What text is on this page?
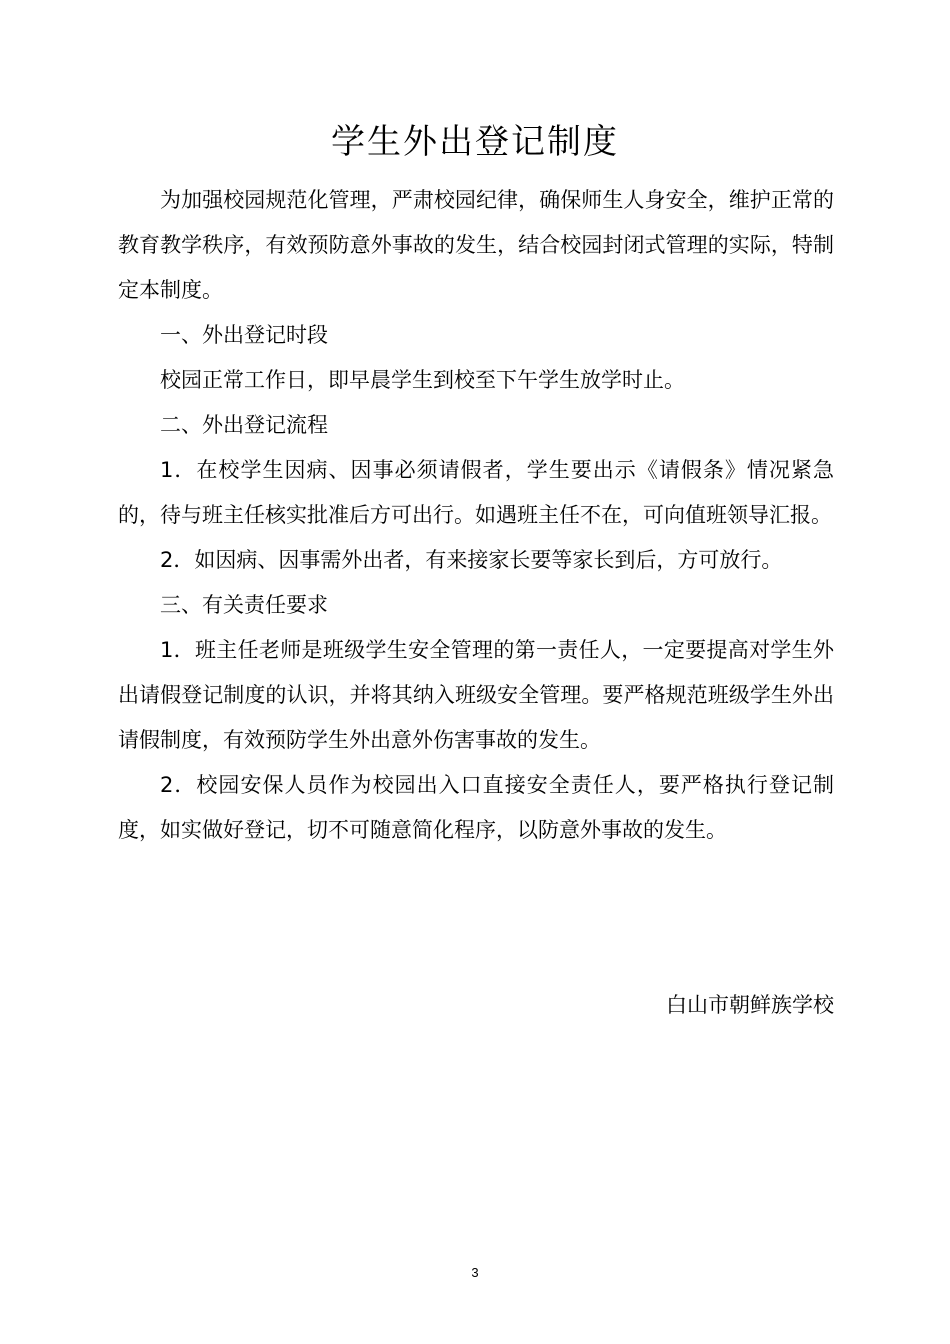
学生外出登记制度

为加强校园规范化管理，严肃校园纪律，确保师生人身安全，维护正常的教育教学秩序，有效预防意外事故的发生，结合校园封闭式管理的实际，特制定本制度。

一、外出登记时段

校园正常工作日，即早晨学生到校至下午学生放学时止。

二、外出登记流程

1．在校学生因病、因事必须请假者，学生要出示《请假条》情况紧急的，待与班主任核实批准后方可出行。如遇班主任不在，可向值班领导汇报。

2．如因病、因事需外出者，有来接家长要等家长到后，方可放行。

三、有关责任要求

1．班主任老师是班级学生安全管理的第一责任人，一定要提高对学生外出请假登记制度的认识，并将其纳入班级安全管理。要严格规范班级学生外出请假制度，有效预防学生外出意外伤害事故的发生。

2．校园安保人员作为校园出入口直接安全责任人，要严格执行登记制度，如实做好登记，切不可随意简化程序，以防意外事故的发生。

白山市朝鲜族学校
3
